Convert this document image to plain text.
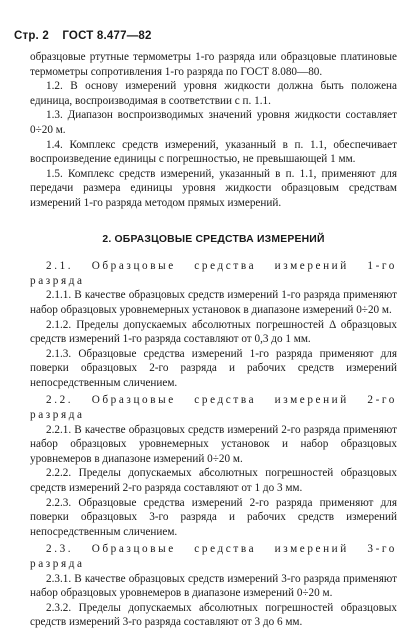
Стр. 2 ГОСТ 8.477—82

образцовые ртутные термометры 1-го разряда или образцовые платиновые термометры сопротивления 1-го разряда по ГОСТ 8.080—80.

1.2. В основу измерений уровня жидкости должна быть положена единица, воспроизводимая в соответствии с п. 1.1.

1.3. Диапазон воспроизводимых значений уровня жидкости составляет 0÷20 м.

1.4. Комплекс средств измерений, указанный в п. 1.1, обеспечивает воспроизведение единицы с погрешностью, не превышающей 1 мм.

1.5. Комплекс средств измерений, указанный в п. 1.1, применяют для передачи размера единицы уровня жидкости образцовым средствам измерений 1-го разряда методом прямых измерений.

2. ОБРАЗЦОВЫЕ СРЕДСТВА ИЗМЕРЕНИЙ

2.1. Образцовые средства измерений 1-го разряда

2.1.1. В качестве образцовых средств измерений 1-го разряда применяют набор образцовых уровнемерных установок в диапазоне измерений 0÷20 м.

2.1.2. Пределы допускаемых абсолютных погрешностей Δ образцовых средств измерений 1-го разряда составляют от 0,3 до 1 мм.

2.1.3. Образцовые средства измерений 1-го разряда применяют для поверки образцовых 2-го разряда и рабочих средств измерений непосредственным сличением.

2.2. Образцовые средства измерений 2-го разряда

2.2.1. В качестве образцовых средств измерений 2-го разряда применяют набор образцовых уровнемерных установок и набор образцовых уровнемеров в диапазоне измерений 0÷20 м.

2.2.2. Пределы допускаемых абсолютных погрешностей образцовых средств измерений 2-го разряда составляют от 1 до 3 мм.

2.2.3. Образцовые средства измерений 2-го разряда применяют для поверки образцовых 3-го разряда и рабочих средств измерений непосредственным сличением.

2.3. Образцовые средства измерений 3-го разряда

2.3.1. В качестве образцовых средств измерений 3-го разряда применяют набор образцовых уровнемеров в диапазоне измерений 0÷20 м.

2.3.2. Пределы допускаемых абсолютных погрешностей образцовых средств измерений 3-го разряда составляют от 3 до 6 мм.
